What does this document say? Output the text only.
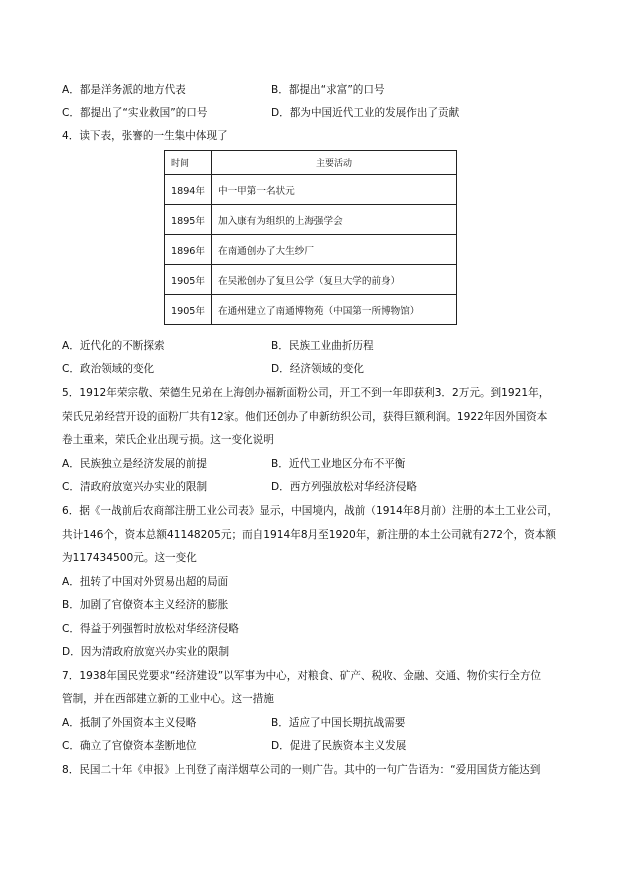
A．都是洋务派的地方代表	B．都提出“求富”的口号
C．都提出了“实业救国”的口号	D．都为中国近代工业的发展作出了贡献
4．读下表，张謇的一生集中体现了
时间	主要活动
1894年	中一甲第一名状元
1895年	加入康有为组织的上海强学会
1896年	在南通创办了大生纱厂
1905年	在吴淞创办了复旦公学（复旦大学的前身）
1905年	在通州建立了南通博物苑（中国第一所博物馆）
A．近代化的不断探索	B．民族工业曲折历程
C．政治领域的变化	D．经济领域的变化
5．1912年荣宗敬、荣德生兄弟在上海创办福新面粉公司，开工不到一年即获利3．2万元。到1921年，
荣氏兄弟经营开设的面粉厂共有12家。他们还创办了申新纺织公司，获得巨额利润。1922年因外国资本
卷土重来，荣氏企业出现亏损。这一变化说明
A．民族独立是经济发展的前提	B．近代工业地区分布不平衡
C．清政府放宽兴办实业的限制	D．西方列强放松对华经济侵略
6．据《一战前后农商部注册工业公司表》显示，中国境内，战前（1914年8月前）注册的本土工业公司，
共计146个，资本总额41148205元；而自1914年8月至1920年，新注册的本土公司就有272个，资本额
为117434500元。这一变化
A．扭转了中国对外贸易出超的局面
B．加剧了官僚资本主义经济的膨胀
C．得益于列强暂时放松对华经济侵略
D．因为清政府放宽兴办实业的限制
7．1938年国民党要求“经济建设”以军事为中心，对粮食、矿产、税收、金融、交通、物价实行全方位
管制，并在西部建立新的工业中心。这一措施
A．抵制了外国资本主义侵略	B．适应了中国长期抗战需要
C．确立了官僚资本垄断地位	D．促进了民族资本主义发展
8．民国二十年《申报》上刊登了南洋烟草公司的一则广告。其中的一句广告语为：“爱用国货方能达到
